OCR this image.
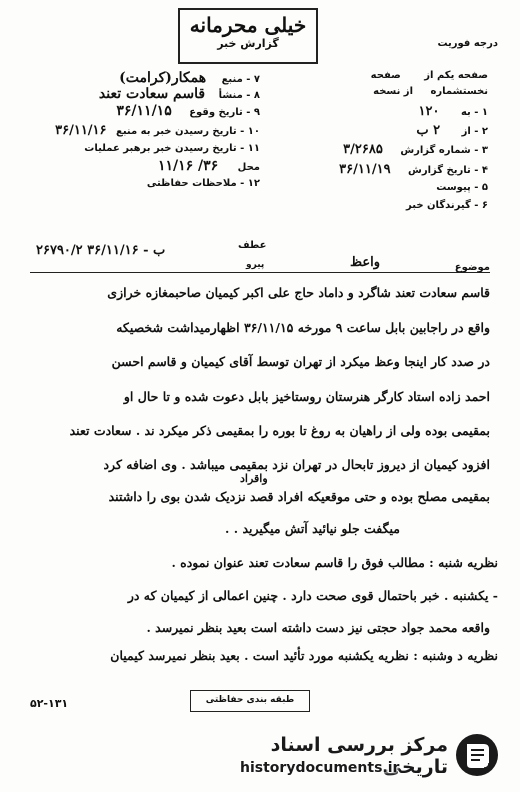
خیلی محرمانه
گزارش خبر	درجه فوریت
۷ - منبع همکار(کرامت)
۸ - منشأ قاسم سعادت تعند
۹ - تاریخ وقوع ۳۶/۱۱/۱۵
۱۰ - تاریخ رسیدن خبر به منبع ۳۶/۱۱/۱۶
۱۱ - تاریخ رسیدن خبر برهبر عملیات
محل ۳۶/ ۱۱/۱۶
۱۲ - ملاحظات حفاظتی
صفحه یکم از صفحه
نخستشماره از نسخه
۱ - به ۱۲۰
۲ - از ۲ ب
۳ - شماره گزارش ۳/۲۶۸۵
۴ - تاریخ گزارش ۳۶/۱۱/۱۹
۵ - پیوست
۶ - گیرندگان خبر
موضوع
واعظ
عطف
پیرو
۲۶۷۹۰/۲ ب - ۳۶/۱۱/۱۶
قاسم سعادت تعند شاگرد و داماد حاج علی اکبر کیمیان صاحبمغازه خرازی
واقع در راجابین بابل ساعت ۹ مورخه ۳۶/۱۱/۱۵ اظهارمیداشت شخصیکه
در صدد کار اینجا وعظ میکرد از تهران توسط آقای کیمیان و قاسم احسن
احمد زاده استاد کارگر هنرستان روستاخیز بابل دعوت شده و تا حال او
بمقیمی بوده ولی از راهیان به روغ تا بوره را بمقیمی ذکر میکرد ند . سعادت تعند
افزود کیمیان از دیروز تابحال در تهران نزد بمقیمی میباشد . وی اضافه کرد
واقراد
بمقیمی مصلح بوده و حتی موقعیکه افراد قصد نزدیک شدن بوی را داشتند
میگفت جلو نیائید آتش میگیرید . .
نظریه شنبه : مطالب فوق را قاسم سعادت تعند عنوان نموده .
- یکشنبه . خبر باحتمال قوی صحت دارد . چنین اعمالی از کیمیان که در
واقعه محمد جواد حجتی نیز دست داشته است بعید بنظر نمیرسد .
نظریه د وشنبه : نظریه یکشنبه مورد تأئید است . بعید بنظر نمیرسد کیمیان
طبقه بندی حفاظتی
۵۲-۱۳۱
مرکز بررسی اسناد تاریخی
historydocuments.ir
